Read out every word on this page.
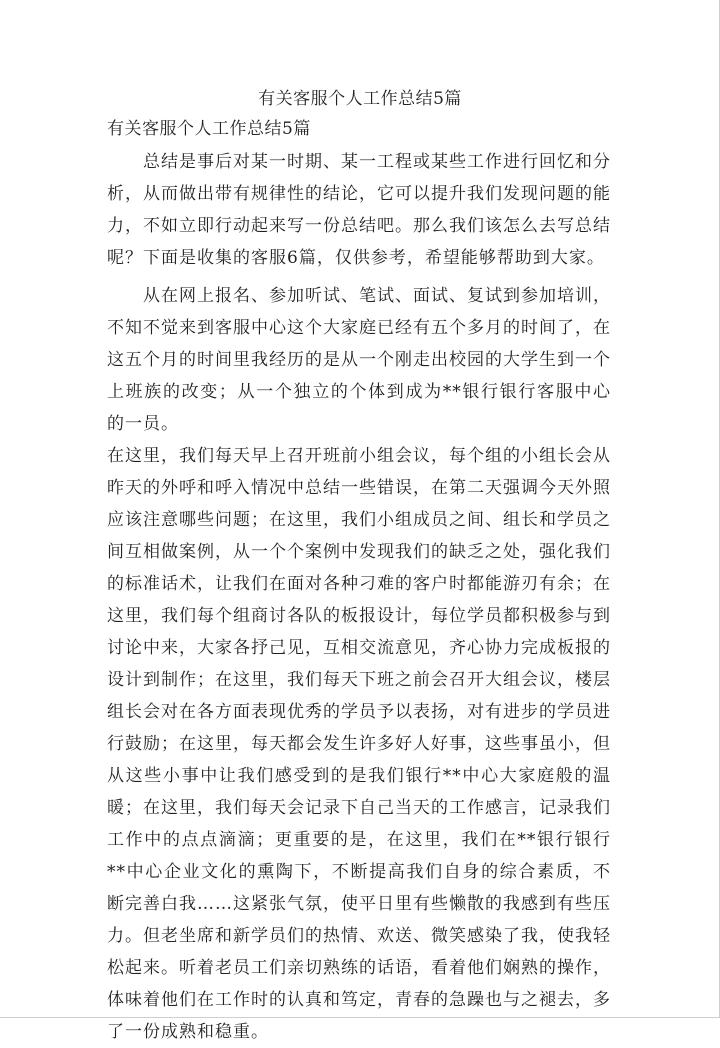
有关客服个人工作总结5篇
有关客服个人工作总结5篇

总结是事后对某一时期、某一工程或某些工作进行回忆和分析，从而做出带有规律性的结论，它可以提升我们发现问题的能力，不如立即行动起来写一份总结吧。那么我们该怎么去写总结呢？下面是收集的客服6篇，仅供参考，希望能够帮助到大家。

从在网上报名、参加听试、笔试、面试、复试到参加培训，不知不觉来到客服中心这个大家庭已经有五个多月的时间了，在这五个月的时间里我经历的是从一个刚走出校园的大学生到一个上班族的改变；从一个独立的个体到成为**银行银行客服中心的一员。

在这里，我们每天早上召开班前小组会议，每个组的小组长会从昨天的外呼和呼入情况中总结一些错误，在第二天强调今天外照应该注意哪些问题；在这里，我们小组成员之间、组长和学员之间互相做案例，从一个个案例中发现我们的缺乏之处，强化我们的标准话术，让我们在面对各种刁难的客户时都能游刃有余；在这里，我们每个组商讨各队的板报设计，每位学员都积极参与到讨论中来，大家各抒己见，互相交流意见，齐心协力完成板报的设计到制作；在这里，我们每天下班之前会召开大组会议，楼层组长会对在各方面表现优秀的学员予以表扬，对有进步的学员进行鼓励；在这里，每天都会发生许多好人好事，这些事虽小，但从这些小事中让我们感受到的是我们银行**中心大家庭般的温暖；在这里，我们每天会记录下自己当天的工作感言，记录我们工作中的点点滴滴；更重要的是，在这里，我们在**银行银行**中心企业文化的熏陶下，不断提高我们自身的综合素质，不断完善白我……这紧张气氛，使平日里有些懒散的我感到有些压力。但老坐席和新学员们的热情、欢送、微笑感染了我，使我轻松起来。听着老员工们亲切熟练的话语，看着他们娴熟的操作，体味着他们在工作时的认真和笃定，青春的急躁也与之褪去，多了一份成熟和稳重。
